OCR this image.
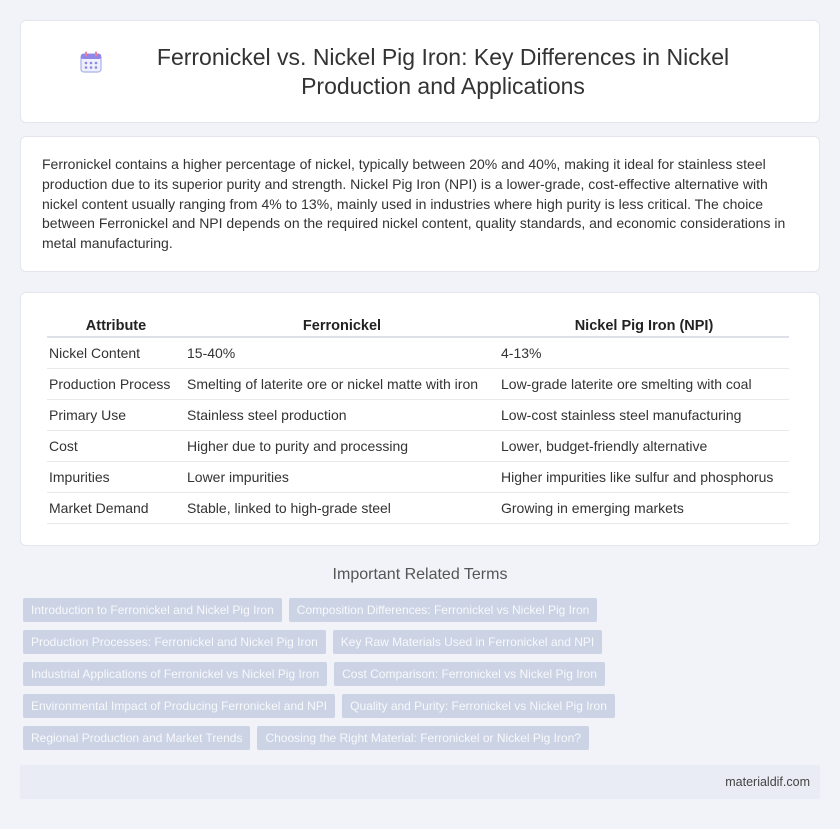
Ferronickel vs. Nickel Pig Iron: Key Differences in Nickel Production and Applications

Ferronickel contains a higher percentage of nickel, typically between 20% and 40%, making it ideal for stainless steel production due to its superior purity and strength. Nickel Pig Iron (NPI) is a lower-grade, cost-effective alternative with nickel content usually ranging from 4% to 13%, mainly used in industries where high purity is less critical. The choice between Ferronickel and NPI depends on the required nickel content, quality standards, and economic considerations in metal manufacturing.

Attribute	Ferronickel	Nickel Pig Iron (NPI)
Nickel Content	15-40%	4-13%
Production Process	Smelting of laterite ore or nickel matte with iron	Low-grade laterite ore smelting with coal
Primary Use	Stainless steel production	Low-cost stainless steel manufacturing
Cost	Higher due to purity and processing	Lower, budget-friendly alternative
Impurities	Lower impurities	Higher impurities like sulfur and phosphorus
Market Demand	Stable, linked to high-grade steel	Growing in emerging markets
Important Related Terms
Introduction to Ferronickel and Nickel Pig Iron	Composition Differences: Ferronickel vs Nickel Pig Iron
Production Processes: Ferronickel and Nickel Pig Iron	Key Raw Materials Used in Ferronickel and NPI
Industrial Applications of Ferronickel vs Nickel Pig Iron	Cost Comparison: Ferronickel vs Nickel Pig Iron
Environmental Impact of Producing Ferronickel and NPI	Quality and Purity: Ferronickel vs Nickel Pig Iron
Regional Production and Market Trends	Choosing the Right Material: Ferronickel or Nickel Pig Iron?
materialdif.com
